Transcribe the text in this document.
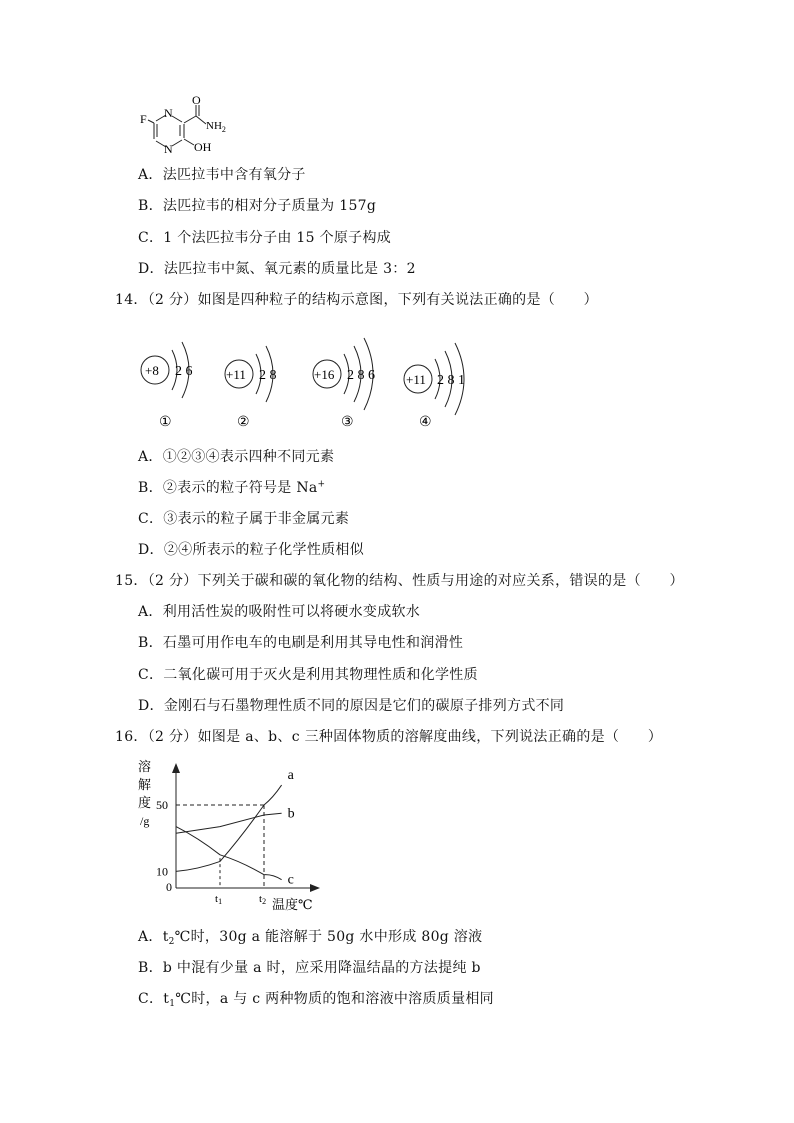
F N
N
O
$NH_2$
OH
A．法匹拉韦中含有氧分子
B．法匹拉韦的相对分子质量为 157g
C．1 个法匹拉韦分子由 15 个原子构成
D．法匹拉韦中氮、氧元素的质量比是 3：2
14．（2 分）如图是四种粒子的结构示意图，下列有关说法正确的是（　　）
+8 2 6
①
+11 2 8
②
+16 2 8 6
③
+11 2 8 1
④
A．①②③④表示四种不同元素
B．②表示的粒子符号是 Na+
C．③表示的粒子属于非金属元素
D．②④所表示的粒子化学性质相似
15．（2 分）下列关于碳和碳的氧化物的结构、性质与用途的对应关系，错误的是（　　）
A．利用活性炭的吸附性可以将硬水变成软水
B．石墨可用作电车的电刷是利用其导电性和润滑性
C．二氧化碳可用于灭火是利用其物理性质和化学性质
D．金刚石与石墨物理性质不同的原因是它们的碳原子排列方式不同
16．（2 分）如图是 a、b、c 三种固体物质的溶解度曲线，下列说法正确的是（　　）
溶
解
度
/g
0
温度℃
10
50
t1	t2
a
b
c
A．$t_2℃$时，30g a 能溶解于 50g 水中形成 80g 溶液
B．b 中混有少量 a 时，应采用降温结晶的方法提纯 b
C．$t_1℃$时，a 与 c 两种物质的饱和溶液中溶质质量相同
